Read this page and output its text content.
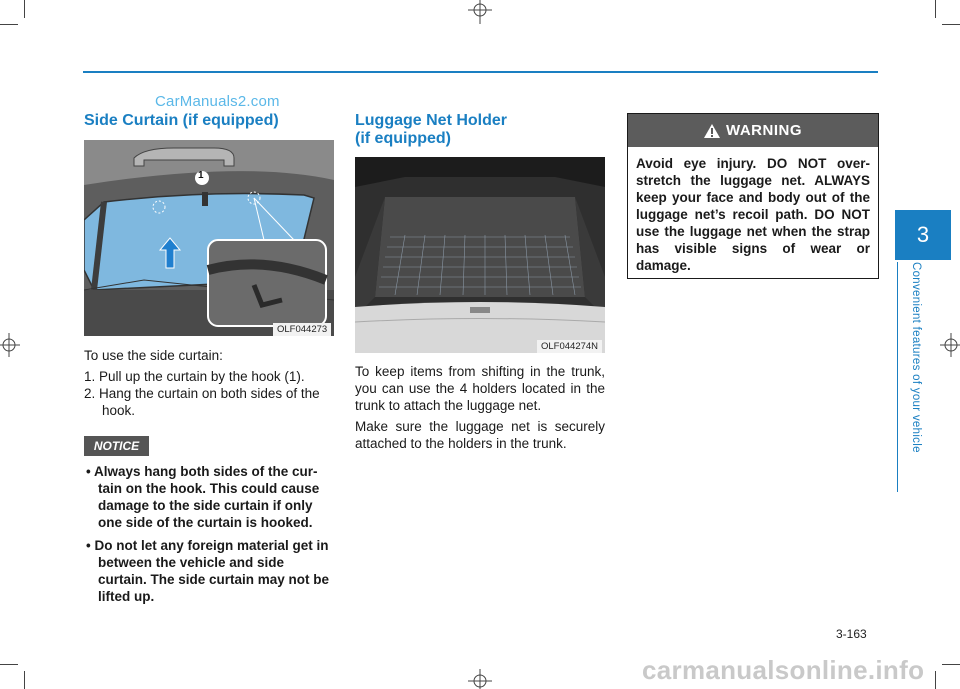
CarManuals2.com
Side Curtain (if equipped)
1
OLF044273

To use the side curtain:

1. Pull up the curtain by the hook (1).
2. Hang the curtain on both sides of the hook.
NOTICE
• Always hang both sides of the cur-tain on the hook. This could cause damage to the side curtain if only one side of the curtain is hooked.
• Do not let any foreign material get in between the vehicle and side curtain. The side curtain may not be lifted up.
Luggage Net Holder
(if equipped)
OLF044274N

To keep items from shifting in the trunk, you can use the 4 holders located in the trunk to attach the luggage net.

Make sure the luggage net is securely attached to the holders in the trunk.

WARNING
Avoid eye injury. DO NOT over-stretch the luggage net. ALWAYS keep your face and body out of the luggage net’s recoil path. DO NOT use the luggage net when the strap has visible signs of wear or damage.
3
Convenient features of your vehicle
3-163
carmanualsonline.info
